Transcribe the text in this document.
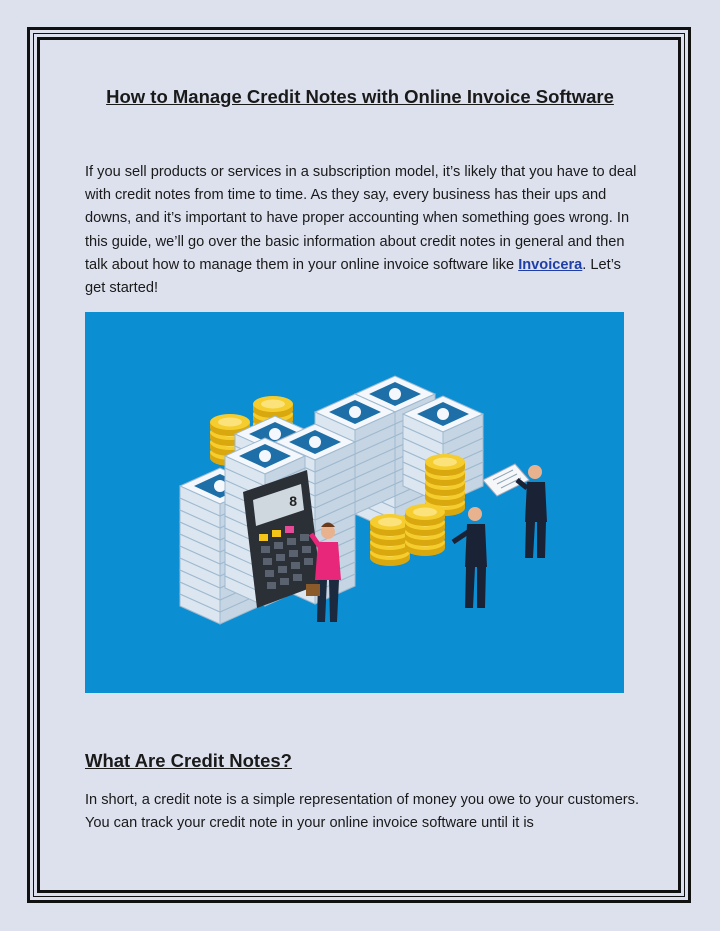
How to Manage Credit Notes with Online Invoice Software
If you sell products or services in a subscription model, it’s likely that you have to deal with credit notes from time to time. As they say, every business has their ups and downs, and it’s important to have proper accounting when something goes wrong. In this guide, we’ll go over the basic information about credit notes in general and then talk about how to manage them in your online invoice software like Invoicera. Let’s get started!
8
What Are Credit Notes?
In short, a credit note is a simple representation of money you owe to your customers. You can track your credit note in your online invoice software until it is
